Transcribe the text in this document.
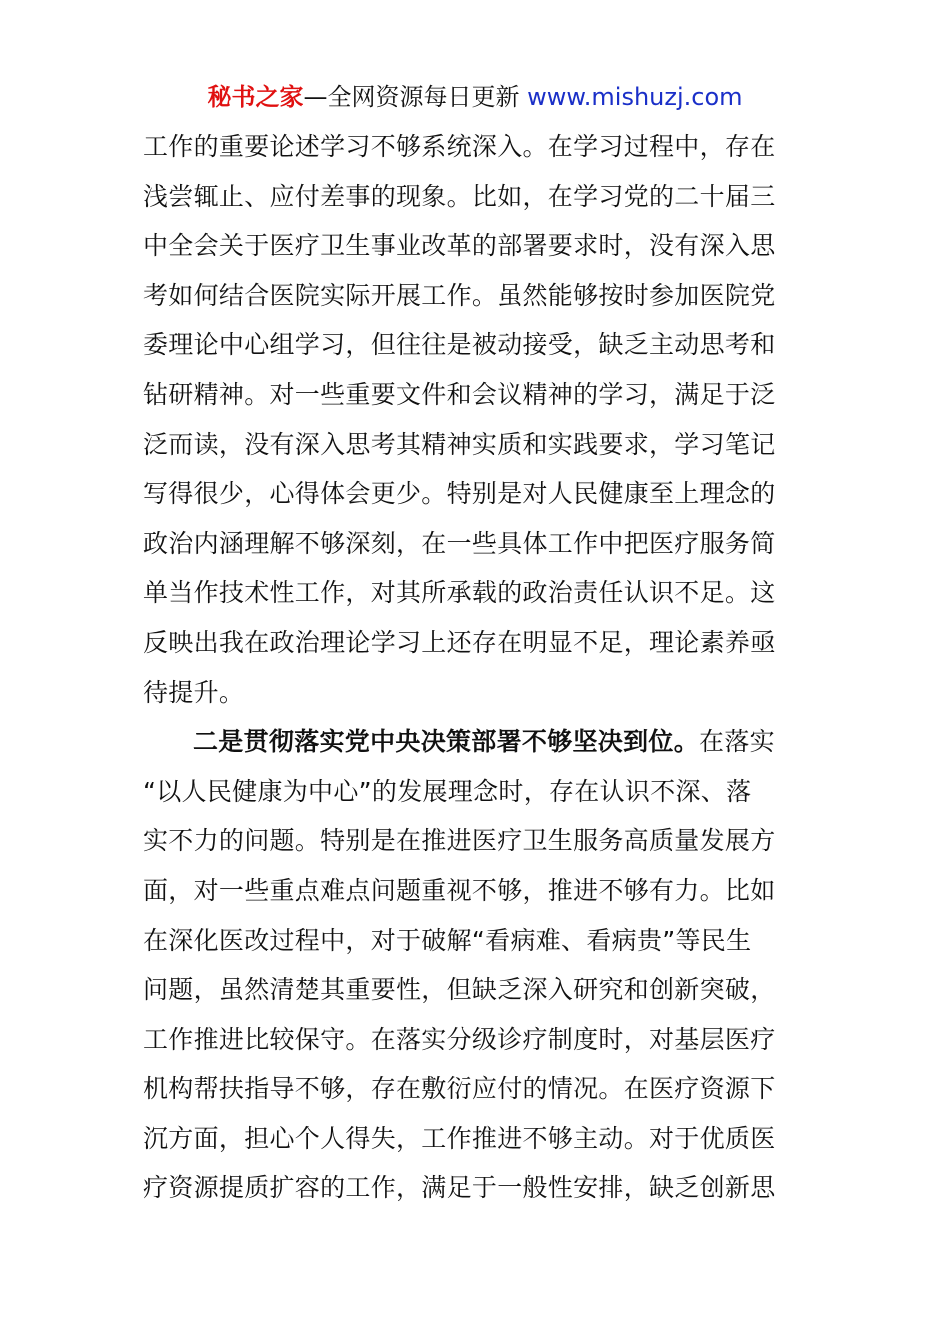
秘书之家—全网资源每日更新 www.mishuzj.com
工作的重要论述学习不够系统深入。在学习过程中，存在
浅尝辄止、应付差事的现象。比如，在学习党的二十届三
中全会关于医疗卫生事业改革的部署要求时，没有深入思
考如何结合医院实际开展工作。虽然能够按时参加医院党
委理论中心组学习，但往往是被动接受，缺乏主动思考和
钻研精神。对一些重要文件和会议精神的学习，满足于泛
泛而读，没有深入思考其精神实质和实践要求，学习笔记
写得很少，心得体会更少。特别是对人民健康至上理念的
政治内涵理解不够深刻，在一些具体工作中把医疗服务简
单当作技术性工作，对其所承载的政治责任认识不足。这
反映出我在政治理论学习上还存在明显不足，理论素养亟
待提升。
二是贯彻落实党中央决策部署不够坚决到位。在落实
“以人民健康为中心”的发展理念时，存在认识不深、落
实不力的问题。特别是在推进医疗卫生服务高质量发展方
面，对一些重点难点问题重视不够，推进不够有力。比如
在深化医改过程中，对于破解“看病难、看病贵”等民生
问题，虽然清楚其重要性，但缺乏深入研究和创新突破，
工作推进比较保守。在落实分级诊疗制度时，对基层医疗
机构帮扶指导不够，存在敷衍应付的情况。在医疗资源下
沉方面，担心个人得失，工作推进不够主动。对于优质医
疗资源提质扩容的工作，满足于一般性安排，缺乏创新思
